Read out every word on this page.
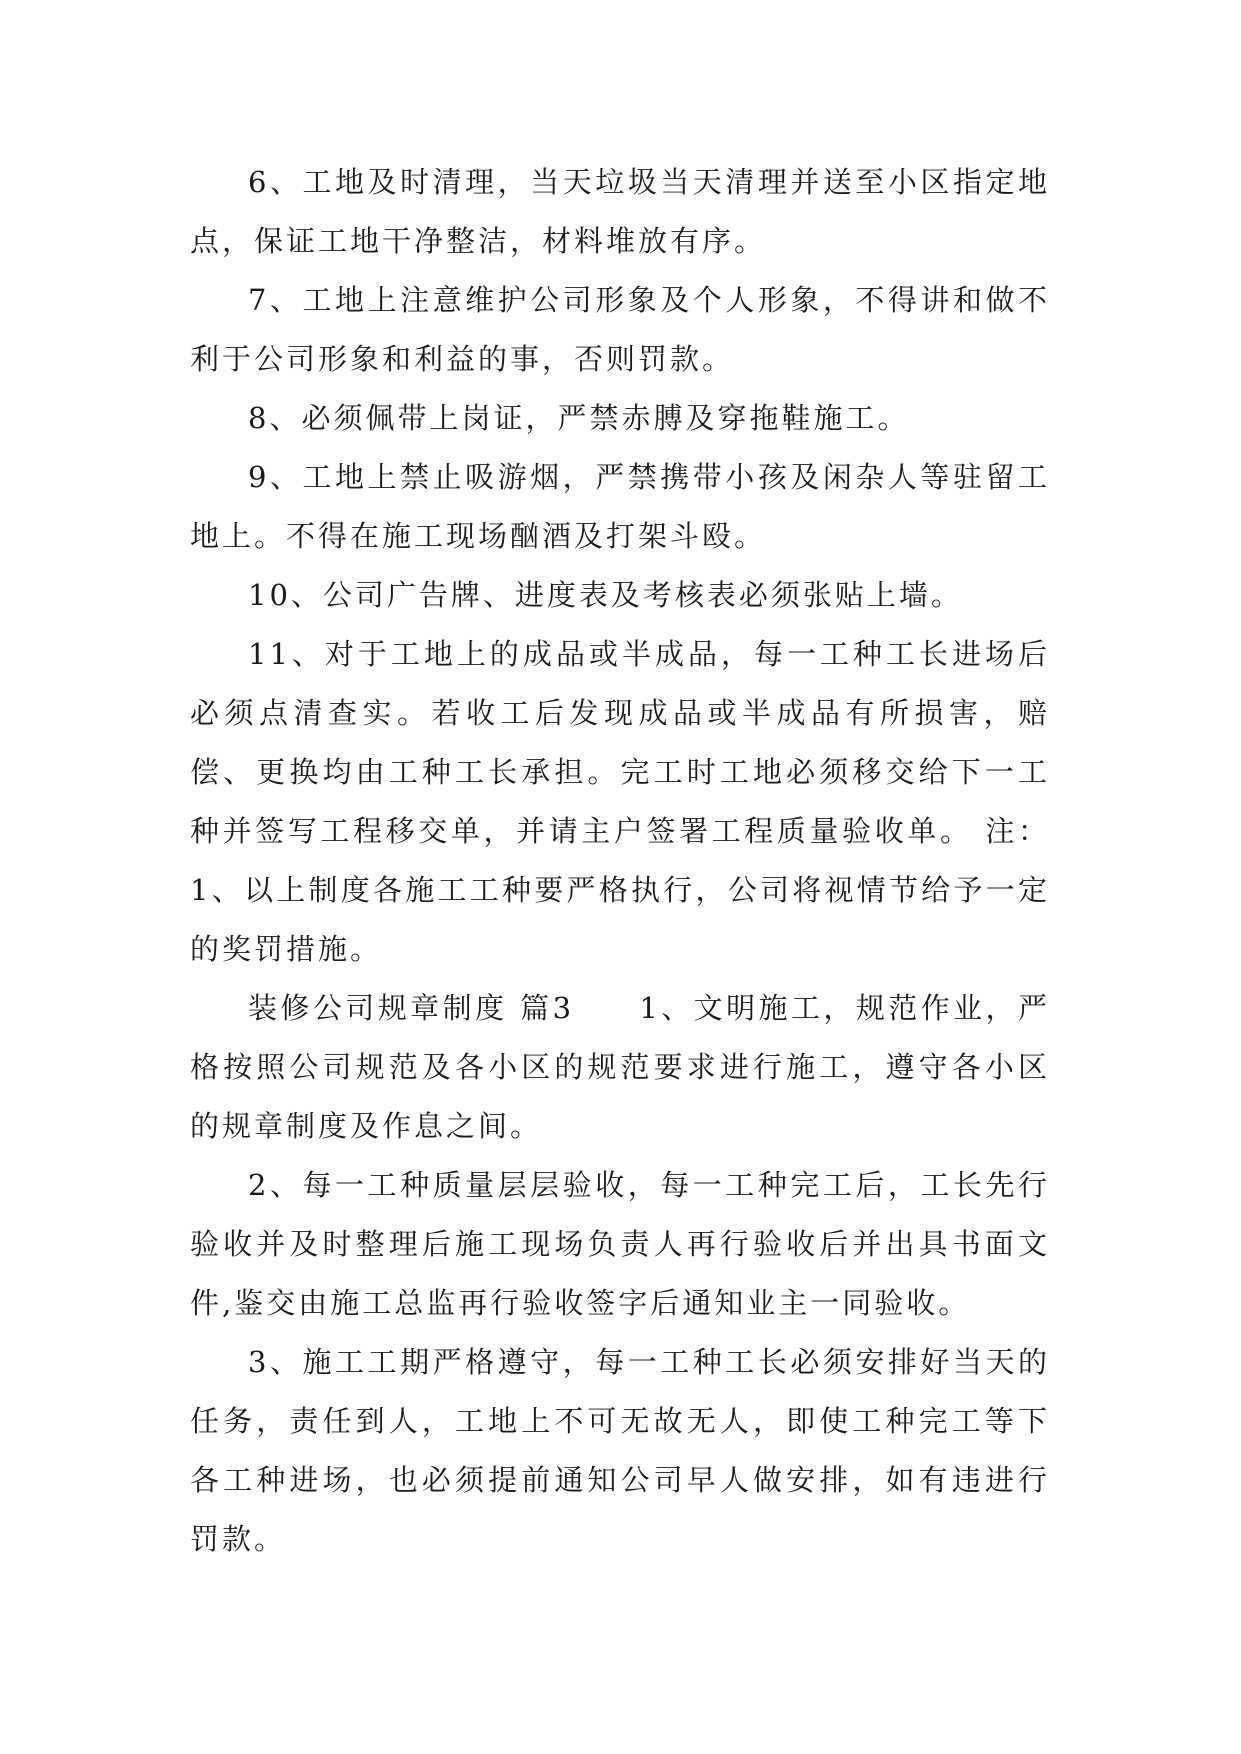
6、工地及时清理，当天垃圾当天清理并送至小区指定地点，保证工地干净整洁，材料堆放有序。

7、工地上注意维护公司形象及个人形象，不得讲和做不利于公司形象和利益的事，否则罚款。

8、必须佩带上岗证，严禁赤膊及穿拖鞋施工。

9、工地上禁止吸游烟，严禁携带小孩及闲杂人等驻留工地上。不得在施工现场酗酒及打架斗殴。

10、公司广告牌、进度表及考核表必须张贴上墙。

11、对于工地上的成品或半成品，每一工种工长进场后必须点清查实。若收工后发现成品或半成品有所损害，赔偿、更换均由工种工长承担。完工时工地必须移交给下一工种并签写工程移交单，并请主户签署工程质量验收单。 注：1、以上制度各施工工种要严格执行，公司将视情节给予一定的奖罚措施。

装修公司规章制度 篇3　　1、文明施工，规范作业，严格按照公司规范及各小区的规范要求进行施工，遵守各小区的规章制度及作息之间。

2、每一工种质量层层验收，每一工种完工后，工长先行验收并及时整理后施工现场负责人再行验收后并出具书面文件,鉴交由施工总监再行验收签字后通知业主一同验收。

3、施工工期严格遵守，每一工种工长必须安排好当天的任务，责任到人，工地上不可无故无人，即使工种完工等下各工种进场，也必须提前通知公司早人做安排，如有违进行罚款。
